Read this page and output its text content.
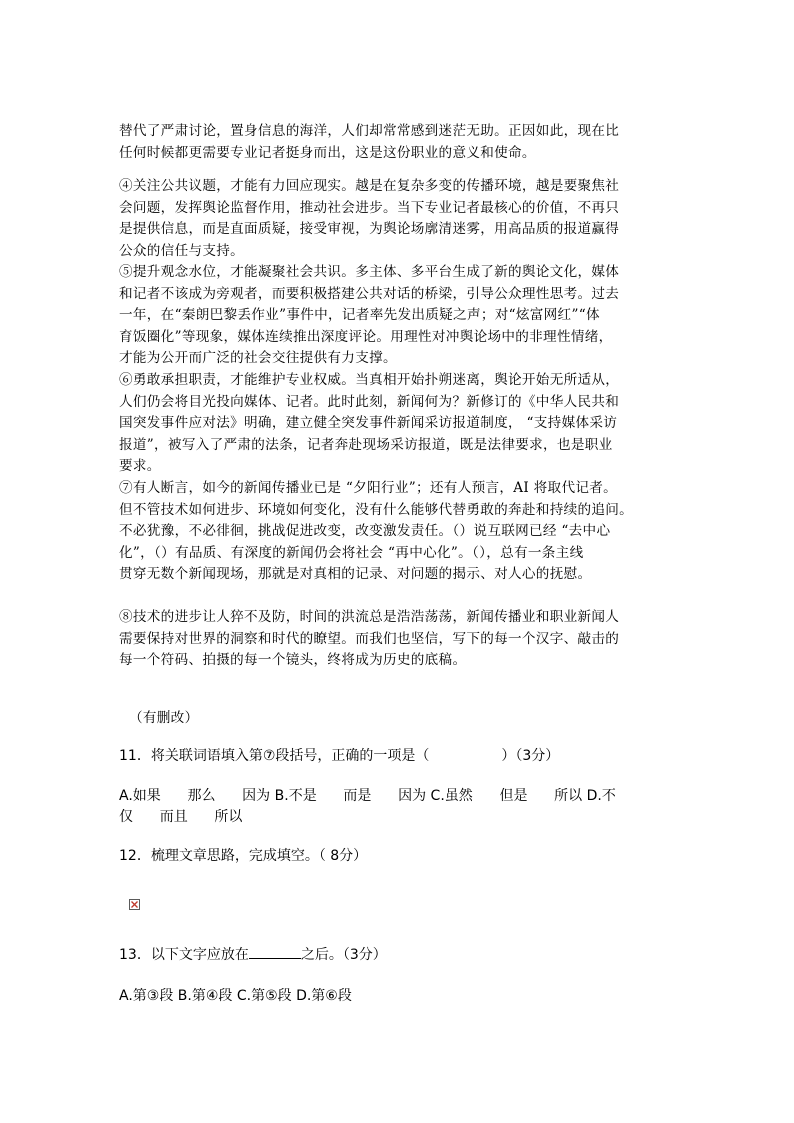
替代了严肃讨论，置身信息的海洋，人们却常常感到迷茫无助。正因如此，现在比
任何时候都更需要专业记者挺身而出，这是这份职业的意义和使命。
④关注公共议题，才能有力回应现实。越是在复杂多变的传播环境，越是要聚焦社
会问题，发挥舆论监督作用，推动社会进步。当下专业记者最核心的价值，不再只
是提供信息，而是直面质疑，接受审视，为舆论场廓清迷雾，用高品质的报道赢得
公众的信任与支持。
⑤提升观念水位，才能凝聚社会共识。多主体、多平台生成了新的舆论文化，媒体
和记者不该成为旁观者，而要积极搭建公共对话的桥梁，引导公众理性思考。过去
一年，在“秦朗巴黎丢作业”事件中，记者率先发出质疑之声；对“炫富网红”“体
育饭圈化”等现象，媒体连续推出深度评论。用理性对冲舆论场中的非理性情绪，
才能为公开而广泛的社会交往提供有力支撑。
⑥勇敢承担职责，才能维护专业权威。当真相开始扑朔迷离，舆论开始无所适从，
人们仍会将目光投向媒体、记者。此时此刻，新闻何为？新修订的《中华人民共和
国突发事件应对法》明确，建立健全突发事件新闻采访报道制度， “支持媒体采访
报道”，被写入了严肃的法条，记者奔赴现场采访报道，既是法律要求，也是职业
要求。
⑦有人断言，如今的新闻传播业已是 “夕阳行业”；还有人预言，AI 将取代记者。
但不管技术如何进步、环境如何变化，没有什么能够代替勇敢的奔赴和持续的追问。
不必犹豫，不必徘徊，挑战促进改变，改变激发责任。（）说互联网已经 “去中心
化”，（）有品质、有深度的新闻仍会将社会 “再中心化”。（），总有一条主线
贯穿无数个新闻现场，那就是对真相的记录、对问题的揭示、对人心的抚慰。
⑧技术的进步让人猝不及防，时间的洪流总是浩浩荡荡，新闻传播业和职业新闻人
需要保持对世界的洞察和时代的瞭望。而我们也坚信，写下的每一个汉字、敲击的
每一个符码、拍摄的每一个镜头，终将成为历史的底稿。
（有删改）
11．将关联词语填入第⑦段括号，正确的一项是（	）（3分）
A.如果      那么      因为 B.不是      而是      因为 C.虽然      但是      所以 D.不
仅      而且      所以
12．梳理文章思路，完成填空。（ 8分）
13．以下文字应放在	之后。（3分）
A.第③段 B.第④段 C.第⑤段 D.第⑥段
